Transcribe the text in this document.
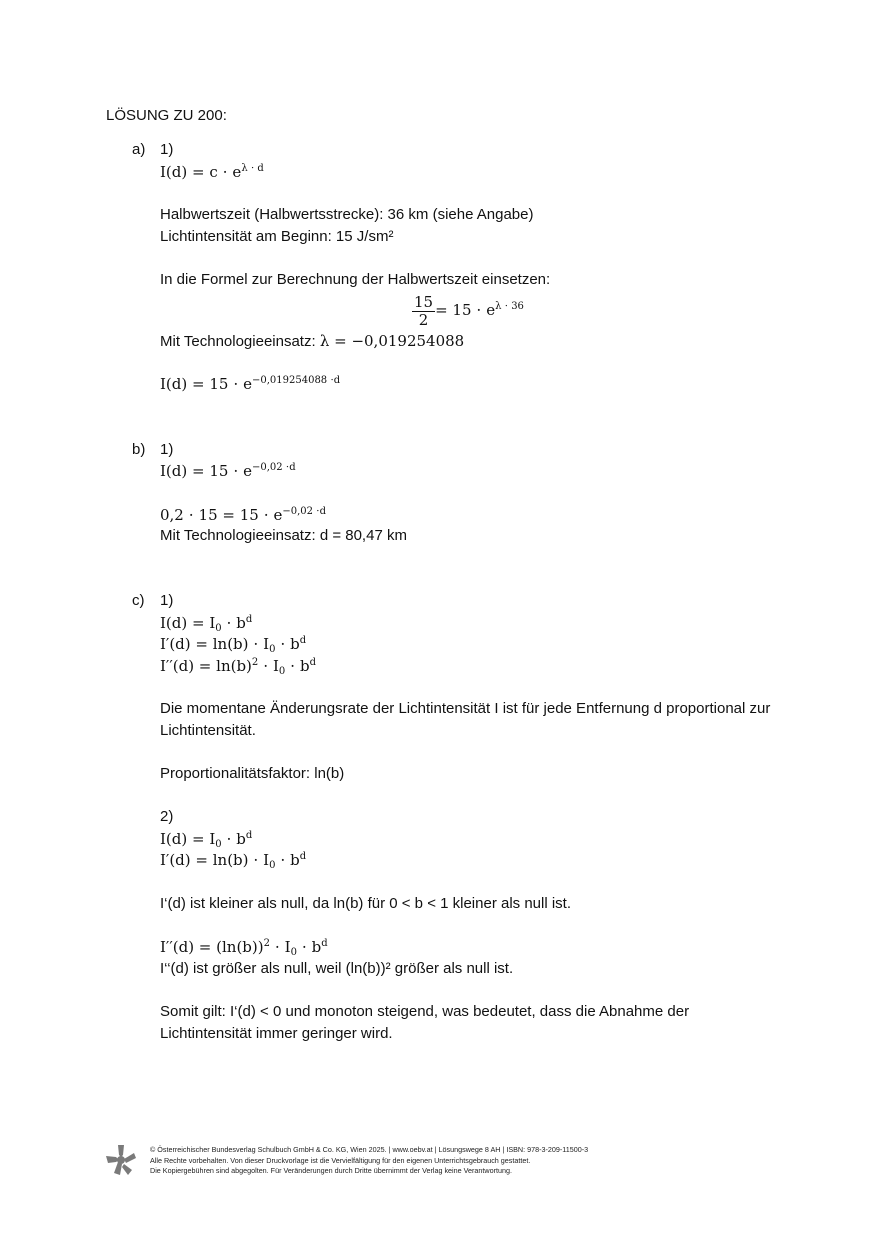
LÖSUNG ZU 200:
a) 1)
$I(d) = c \cdot e^{\lambda \cdot d}$
Halbwertszeit (Halbwertsstrecke): 36 km (siehe Angabe)
Lichtintensität am Beginn: 15 J/sm²
In die Formel zur Berechnung der Halbwertszeit einsetzen:
$\frac{15}{2} = 15 \cdot e^{\lambda \cdot 36}$
Mit Technologieeinsatz: λ = −0,019254088
$I(d) = 15 \cdot e^{-0,019254088 \cdot d}$
b) 1)
$I(d) = 15 \cdot e^{-0,02 \cdot d}$
$0,2 \cdot 15 = 15 \cdot e^{-0,02 \cdot d}$
Mit Technologieeinsatz: d = 80,47 km
c) 1)
$I(d) = I_0 \cdot b^d$
$I'(d) = \ln(b) \cdot I_0 \cdot b^d$
$I''(d) = \ln(b)^2 \cdot I_0 \cdot b^d$
Die momentane Änderungsrate der Lichtintensität I ist für jede Entfernung d proportional zur
Lichtintensität.
Proportionalitätsfaktor: ln(b)
2)
$I(d) = I_0 \cdot b^d$
$I'(d) = \ln(b) \cdot I_0 \cdot b^d$
I‘(d) ist kleiner als null, da ln(b) für 0 < b < 1 kleiner als null ist.
$I''(d) = (\ln(b))^2 \cdot I_0 \cdot b^d$
I‘‘(d) ist größer als null, weil (ln(b))² größer als null ist.
Somit gilt: I‘(d) < 0 und monoton steigend, was bedeutet, dass die Abnahme der
Lichtintensität immer geringer wird.
© Österreichischer Bundesverlag Schulbuch GmbH & Co. KG, Wien 2025. | www.oebv.at | Lösungswege 8 AH | ISBN: 978-3-209-11500-3
Alle Rechte vorbehalten. Von dieser Druckvorlage ist die Vervielfältigung für den eigenen Unterrichtsgebrauch gestattet.
Die Kopiergebühren sind abgegolten. Für Veränderungen durch Dritte übernimmt der Verlag keine Verantwortung.
